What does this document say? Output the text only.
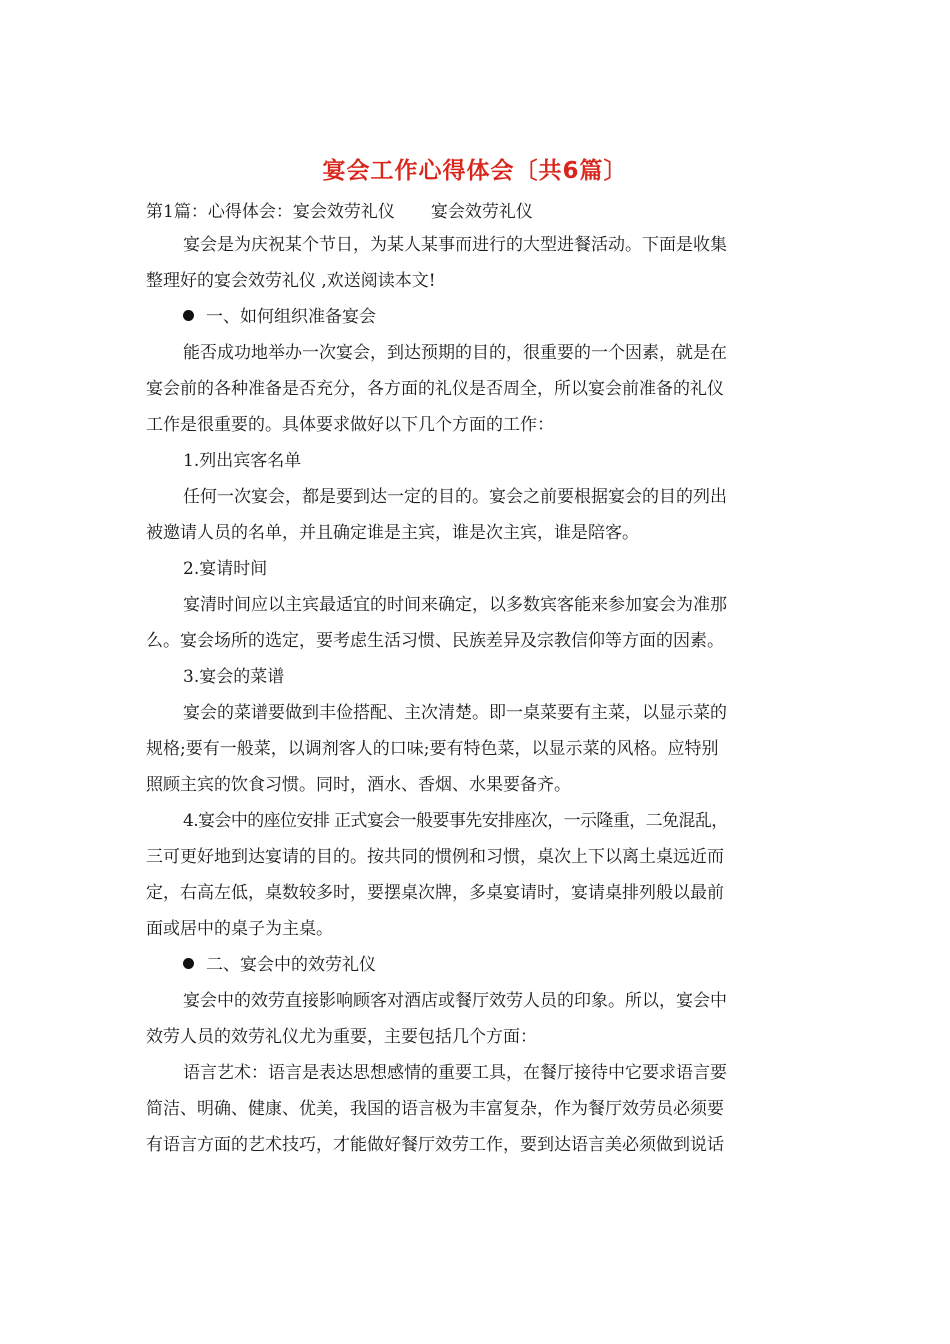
宴会工作心得体会〔共6篇〕
第1篇：心得体会：宴会效劳礼仪 宴会效劳礼仪
宴会是为庆祝某个节日，为某人某事而进行的大型进餐活动。下面是收集
整理好的宴会效劳礼仪 ,欢送阅读本文!
一、如何组织准备宴会
能否成功地举办一次宴会，到达预期的目的，很重要的一个因素，就是在
宴会前的各种准备是否充分，各方面的礼仪是否周全，所以宴会前准备的礼仪
工作是很重要的。具体要求做好以下几个方面的工作：
1.列出宾客名单
任何一次宴会，都是要到达一定的目的。宴会之前要根据宴会的目的列出
被邀请人员的名单，并且确定谁是主宾，谁是次主宾，谁是陪客。
2.宴请时间
宴清时间应以主宾最适宜的时间来确定，以多数宾客能来参加宴会为准那
么。宴会场所的选定，要考虑生活习惯、民族差异及宗教信仰等方面的因素。
3.宴会的菜谱
宴会的菜谱要做到丰俭搭配、主次清楚。即一桌菜要有主菜，以显示菜的
规格;要有一般菜，以调剂客人的口味;要有特色菜，以显示菜的风格。应特别
照顾主宾的饮食习惯。同时，酒水、香烟、水果要备齐。
4.宴会中的座位安排 正式宴会一般要事先安排座次，一示隆重，二免混乱，
三可更好地到达宴请的目的。按共同的惯例和习惯，桌次上下以离土桌远近而
定，右高左低，桌数较多时，要摆桌次牌，多桌宴请时，宴请桌排列般以最前
面或居中的桌子为主桌。
二、宴会中的效劳礼仪
宴会中的效劳直接影响顾客对酒店或餐厅效劳人员的印象。所以，宴会中
效劳人员的效劳礼仪尤为重要，主要包括几个方面：
语言艺术：语言是表达思想感情的重要工具，在餐厅接待中它要求语言要
简洁、明确、健康、优美，我国的语言极为丰富复杂，作为餐厅效劳员必须要
有语言方面的艺术技巧，才能做好餐厅效劳工作，要到达语言美必须做到说话
